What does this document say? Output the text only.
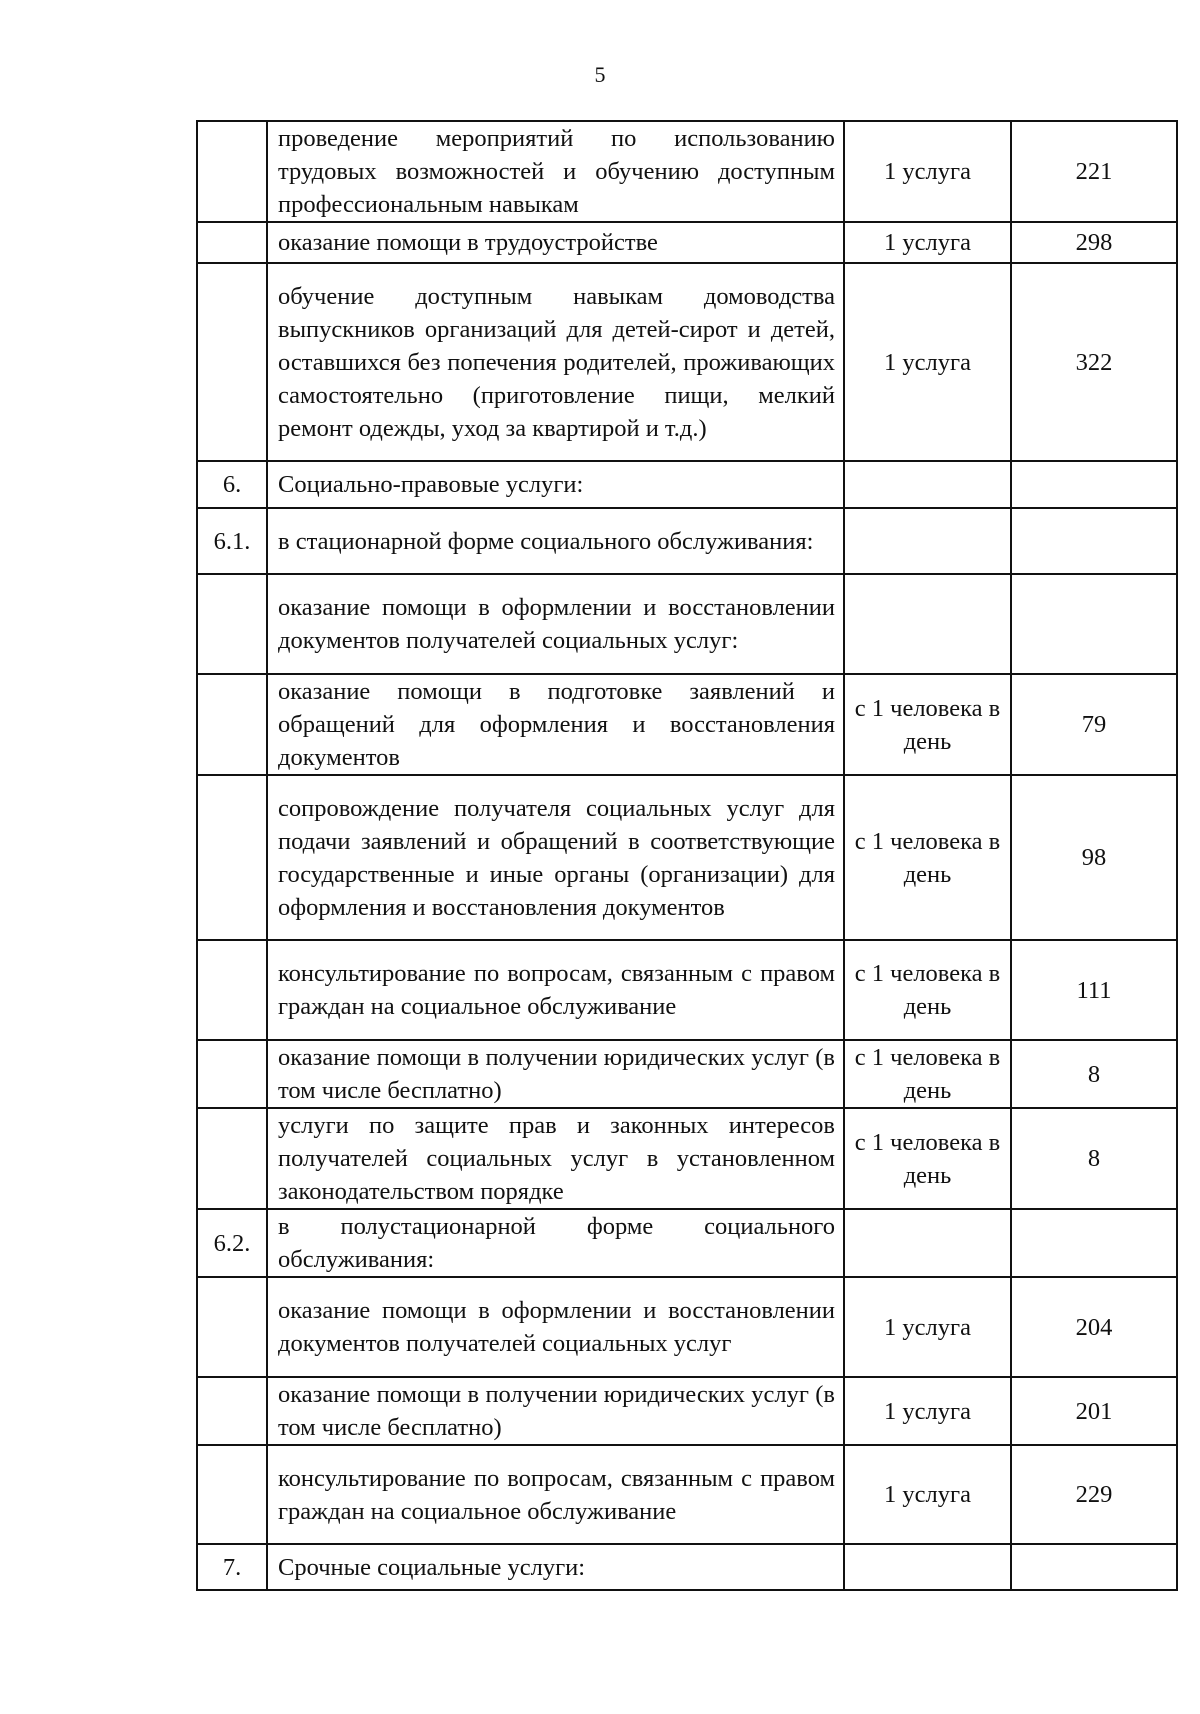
5
	проведение мероприятий по использованию трудовых возможностей и обучению доступным профессиональным навыкам	1 услуга	221
	оказание помощи в трудоустройстве	1 услуга	298
	обучение доступным навыкам домоводства выпускников организаций для детей-сирот и детей, оставшихся без попечения родителей, проживающих самостоятельно (приготовление пищи, мелкий ремонт одежды, уход за квартирой и т.д.)	1 услуга	322
6.	Социально-правовые услуги:		
6.1.	в стационарной форме социального обслуживания:		
	оказание помощи в оформлении и восстановлении документов получателей социальных услуг:		
	оказание помощи в подготовке заявлений и обращений для оформления и восстановления документов	с 1 человека в день	79
	сопровождение получателя социальных услуг для подачи заявлений и обращений в соответствующие государственные и иные органы (организации) для оформления и восстановления документов	с 1 человека в день	98
	консультирование по вопросам, связанным с правом граждан на социальное обслуживание	с 1 человека в день	111
	оказание помощи в получении юридических услуг (в том числе бесплатно)	с 1 человека в день	8
	услуги по защите прав и законных интересов получателей социальных услуг в установленном законодательством порядке	с 1 человека в день	8
6.2.	в полустационарной форме социального обслуживания:		
	оказание помощи в оформлении и восстановлении документов получателей социальных услуг	1 услуга	204
	оказание помощи в получении юридических услуг (в том числе бесплатно)	1 услуга	201
	консультирование по вопросам, связанным с правом граждан на социальное обслуживание	1 услуга	229
7.	Срочные социальные услуги:		
